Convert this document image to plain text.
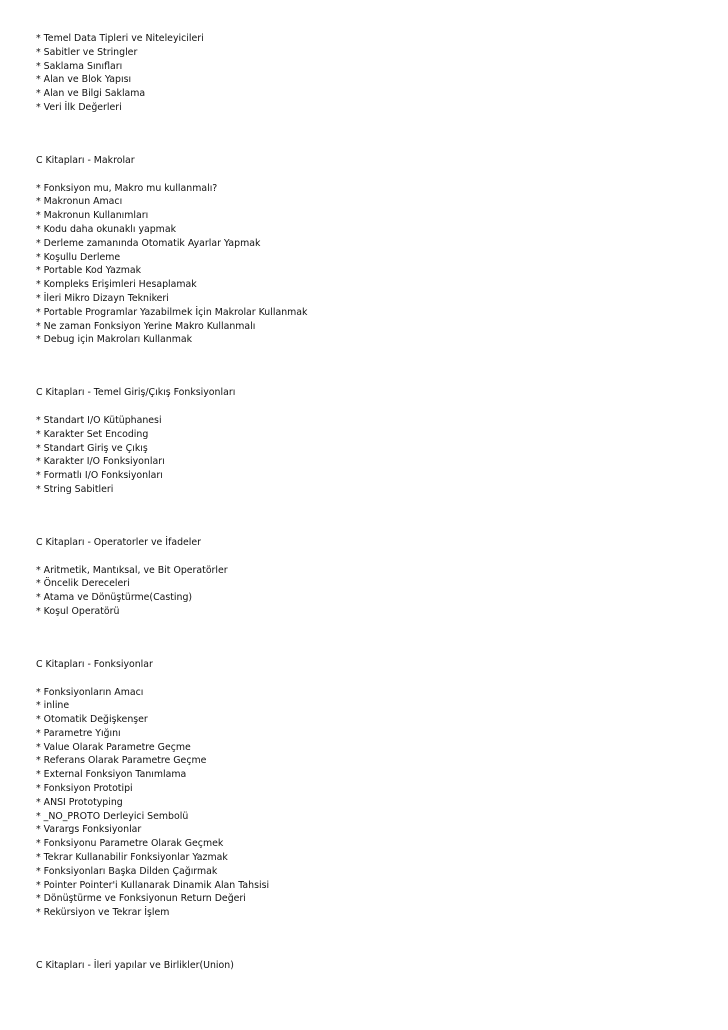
* Temel Data Tipleri ve Niteleyicileri
* Sabitler ve Stringler
* Saklama Sınıfları
* Alan ve Blok Yapısı
* Alan ve Bilgi Saklama
* Veri İlk Değerleri
C Kitapları - Makrolar
* Fonksiyon mu, Makro mu kullanmalı?
* Makronun Amacı
* Makronun Kullanımları
* Kodu daha okunaklı yapmak
* Derleme zamanında Otomatik Ayarlar Yapmak
* Koşullu Derleme
* Portable Kod Yazmak
* Kompleks Erişimleri Hesaplamak
* İleri Mikro Dizayn Teknikeri
* Portable Programlar Yazabilmek İçin Makrolar Kullanmak
* Ne zaman Fonksiyon Yerine Makro Kullanmalı
* Debug için Makroları Kullanmak
C Kitapları - Temel Giriş/Çıkış Fonksiyonları
* Standart I/O Kütüphanesi
* Karakter Set Encoding
* Standart Giriş ve Çıkış
* Karakter I/O Fonksiyonları
* Formatlı I/O Fonksiyonları
* String Sabitleri
C Kitapları - Operatorler ve İfadeler
* Aritmetik, Mantıksal, ve Bit Operatörler
* Öncelik Dereceleri
* Atama ve Dönüştürme(Casting)
* Koşul Operatörü
C Kitapları - Fonksiyonlar
* Fonksiyonların Amacı
* inline
* Otomatik Değişkenşer
* Parametre Yığını
* Value Olarak Parametre Geçme
* Referans Olarak Parametre Geçme
* External Fonksiyon Tanımlama
* Fonksiyon Prototipi
* ANSI Prototyping
* _NO_PROTO Derleyici Sembolü
* Varargs Fonksiyonlar
* Fonksiyonu Parametre Olarak Geçmek
* Tekrar Kullanabilir Fonksiyonlar Yazmak
* Fonksiyonları Başka Dilden Çağırmak
* Pointer Pointer'i Kullanarak Dinamik Alan Tahsisi
* Dönüştürme ve Fonksiyonun Return Değeri
* Rekürsiyon ve Tekrar İşlem
C Kitapları - İleri yapılar ve Birlikler(Union)
